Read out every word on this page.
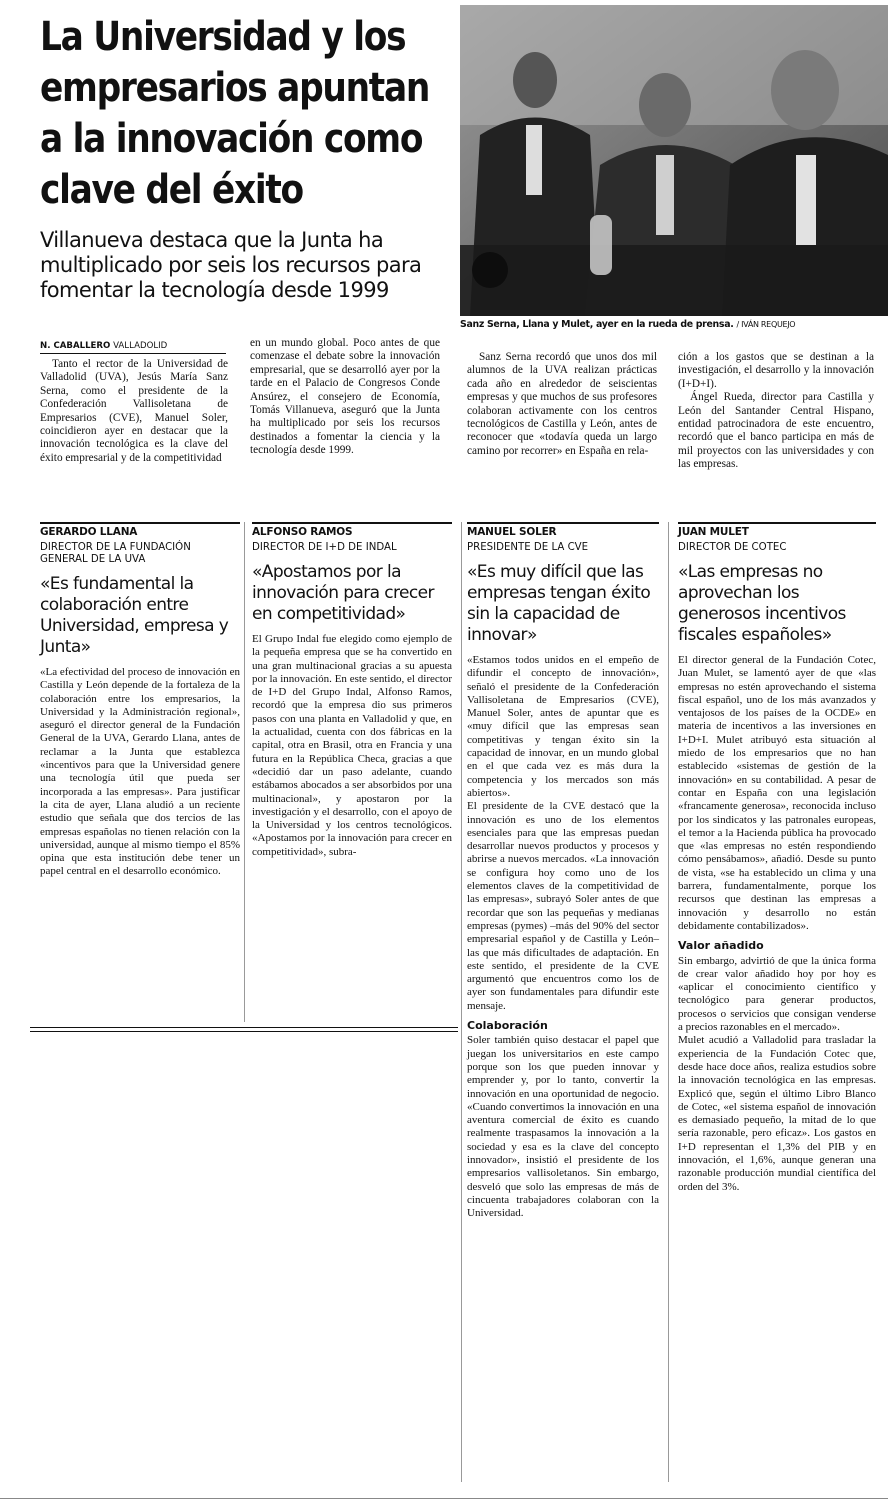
La Universidad y los
empresarios apuntan
a la innovación como
clave del éxito

Villanueva destaca que la Junta ha multiplicado por seis los recursos para fomentar la tecnología desde 1999

Sanz Serna, Llana y Mulet, ayer en la rueda de prensa. / IVÁN REQUEJO
N. CABALLERO VALLADOLID

Tanto el rector de la Universidad de Valladolid (UVA), Jesús María Sanz Serna, como el presidente de la Confederación Vallisoletana de Empresarios (CVE), Manuel Soler, coincidieron ayer en destacar que la innovación tecnológica es la clave del éxito empresarial y de la competitividad

en un mundo global. Poco antes de que comenzase el debate sobre la innovación empresarial, que se desarrolló ayer por la tarde en el Palacio de Congresos Conde Ansúrez, el consejero de Economía, Tomás Villanueva, aseguró que la Junta ha multiplicado por seis los recursos destinados a fomentar la ciencia y la tecnología desde 1999.

Sanz Serna recordó que unos dos mil alumnos de la UVA realizan prácticas cada año en alrededor de seiscientas empresas y que muchos de sus profesores colaboran activamente con los centros tecnológicos de Castilla y León, antes de reconocer que «todavía queda un largo camino por recorrer» en España en rela-

ción a los gastos que se destinan a la investigación, el desarrollo y la innovación (I+D+I).

Ángel Rueda, director para Castilla y León del Santander Central Hispano, entidad patrocinadora de este encuentro, recordó que el banco participa en más de mil proyectos con las universidades y con las empresas.

GERARDO LLANA
DIRECTOR DE LA FUNDACIÓN GENERAL DE LA UVA
«Es fundamental la colaboración entre Universidad, empresa y Junta»

«La efectividad del proceso de innovación en Castilla y León depende de la fortaleza de la colaboración entre los empresarios, la Universidad y la Administración regional», aseguró el director general de la Fundación General de la UVA, Gerardo Llana, antes de reclamar a la Junta que establezca «incentivos para que la Universidad genere una tecnología útil que pueda ser incorporada a las empresas». Para justificar la cita de ayer, Llana aludió a un reciente estudio que señala que dos tercios de las empresas españolas no tienen relación con la universidad, aunque al mismo tiempo el 85% opina que esta institución debe tener un papel central en el desarrollo económico.

ALFONSO RAMOS
DIRECTOR DE I+D DE INDAL
«Apostamos por la innovación para crecer en competitividad»

El Grupo Indal fue elegido como ejemplo de la pequeña empresa que se ha convertido en una gran multinacional gracias a su apuesta por la innovación. En este sentido, el director de I+D del Grupo Indal, Alfonso Ramos, recordó que la empresa dio sus primeros pasos con una planta en Valladolid y que, en la actualidad, cuenta con dos fábricas en la capital, otra en Brasil, otra en Francia y una futura en la República Checa, gracias a que «decidió dar un paso adelante, cuando estábamos abocados a ser absorbidos por una multinacional», y apostaron por la investigación y el desarrollo, con el apoyo de la Universidad y los centros tecnológicos. «Apostamos por la innovación para crecer en competitividad», subra-

MANUEL SOLER
PRESIDENTE DE LA CVE
«Es muy difícil que las empresas tengan éxito sin la capacidad de innovar»

«Estamos todos unidos en el empeño de difundir el concepto de innovación», señaló el presidente de la Confederación Vallisoletana de Empresarios (CVE), Manuel Soler, antes de apuntar que es «muy difícil que las empresas sean competitivas y tengan éxito sin la capacidad de innovar, en un mundo global en el que cada vez es más dura la competencia y los mercados son más abiertos».

El presidente de la CVE destacó que la innovación es uno de los elementos esenciales para que las empresas puedan desarrollar nuevos productos y procesos y abrirse a nuevos mercados. «La innovación se configura hoy como uno de los elementos claves de la competitividad de las empresas», subrayó Soler antes de que recordar que son las pequeñas y medianas empresas (pymes) –más del 90% del sector empresarial español y de Castilla y León– las que más dificultades de adaptación. En este sentido, el presidente de la CVE argumentó que encuentros como los de ayer son fundamentales para difundir este mensaje.

Colaboración

Soler también quiso destacar el papel que juegan los universitarios en este campo porque son los que pueden innovar y emprender y, por lo tanto, convertir la innovación en una oportunidad de negocio. «Cuando convertimos la innovación en una aventura comercial de éxito es cuando realmente traspasamos la innovación a la sociedad y esa es la clave del concepto innovador», insistió el presidente de los empresarios vallisoletanos. Sin embargo, desveló que solo las empresas de más de cincuenta trabajadores colaboran con la Universidad.

JUAN MULET
DIRECTOR DE COTEC
«Las empresas no aprovechan los generosos incentivos fiscales españoles»

El director general de la Fundación Cotec, Juan Mulet, se lamentó ayer de que «las empresas no estén aprovechando el sistema fiscal español, uno de los más avanzados y ventajosos de los países de la OCDE» en materia de incentivos a las inversiones en I+D+I. Mulet atribuyó esta situación al miedo de los empresarios que no han establecido «sistemas de gestión de la innovación» en su contabilidad. A pesar de contar en España con una legislación «francamente generosa», reconocida incluso por los sindicatos y las patronales europeas, el temor a la Hacienda pública ha provocado que «las empresas no estén respondiendo cómo pensábamos», añadió. Desde su punto de vista, «se ha establecido un clima y una barrera, fundamentalmente, porque los recursos que destinan las empresas a innovación y desarrollo no están debidamente contabilizados».

Valor añadido

Sin embargo, advirtió de que la única forma de crear valor añadido hoy por hoy es «aplicar el conocimiento científico y tecnológico para generar productos, procesos o servicios que consigan venderse a precios razonables en el mercado».

Mulet acudió a Valladolid para trasladar la experiencia de la Fundación Cotec que, desde hace doce años, realiza estudios sobre la innovación tecnológica en las empresas. Explicó que, según el último Libro Blanco de Cotec, «el sistema español de innovación es demasiado pequeño, la mitad de lo que sería razonable, pero eficaz». Los gastos en I+D representan el 1,3% del PIB y en innovación, el 1,6%, aunque generan una razonable producción mundial científica del orden del 3%.
